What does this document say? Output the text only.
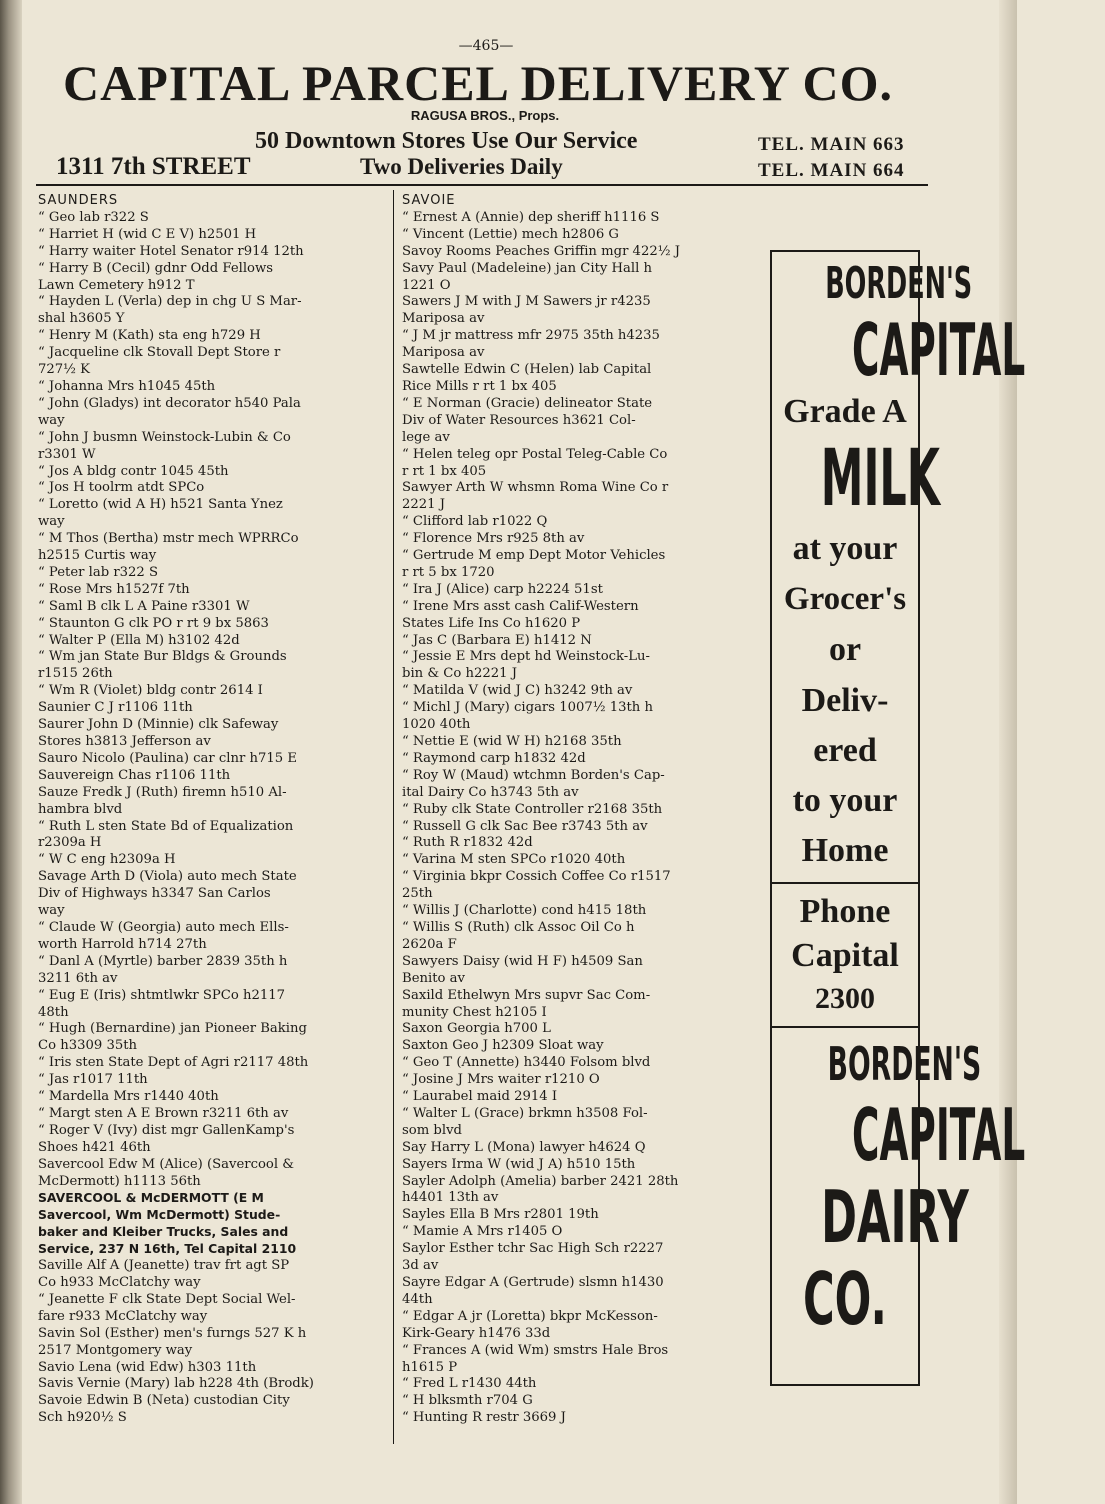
—465—
CAPITAL PARCEL DELIVERY CO.
RAGUSA BROS., Props.
50 Downtown Stores Use Our Service
1311 7th STREET	Two Deliveries Daily
TEL. MAIN 663
TEL. MAIN 664
SAUNDERS
“ Geo lab r322 S
“ Harriet H (wid C E V) h2501 H
“ Harry waiter Hotel Senator r914 12th
“ Harry B (Cecil) gdnr Odd Fellows
Lawn Cemetery h912 T
“ Hayden L (Verla) dep in chg U S Mar-
shal h3605 Y
“ Henry M (Kath) sta eng h729 H
“ Jacqueline clk Stovall Dept Store r
727½ K
“ Johanna Mrs h1045 45th
“ John (Gladys) int decorator h540 Pala
way
“ John J busmn Weinstock-Lubin & Co
r3301 W
“ Jos A bldg contr 1045 45th
“ Jos H toolrm atdt SPCo
“ Loretto (wid A H) h521 Santa Ynez
way
“ M Thos (Bertha) mstr mech WPRRCo
h2515 Curtis way
“ Peter lab r322 S
“ Rose Mrs h1527f 7th
“ Saml B clk L A Paine r3301 W
“ Staunton G clk PO r rt 9 bx 5863
“ Walter P (Ella M) h3102 42d
“ Wm jan State Bur Bldgs & Grounds
r1515 26th
“ Wm R (Violet) bldg contr 2614 I
Saunier C J r1106 11th
Saurer John D (Minnie) clk Safeway
Stores h3813 Jefferson av
Sauro Nicolo (Paulina) car clnr h715 E
Sauvereign Chas r1106 11th
Sauze Fredk J (Ruth) firemn h510 Al-
hambra blvd
“ Ruth L sten State Bd of Equalization
r2309a H
“ W C eng h2309a H
Savage Arth D (Viola) auto mech State
Div of Highways h3347 San Carlos
way
“ Claude W (Georgia) auto mech Ells-
worth Harrold h714 27th
“ Danl A (Myrtle) barber 2839 35th h
3211 6th av
“ Eug E (Iris) shtmtlwkr SPCo h2117
48th
“ Hugh (Bernardine) jan Pioneer Baking
Co h3309 35th
“ Iris sten State Dept of Agri r2117 48th
“ Jas r1017 11th
“ Mardella Mrs r1440 40th
“ Margt sten A E Brown r3211 6th av
“ Roger V (Ivy) dist mgr GallenKamp's
Shoes h421 46th
Savercool Edw M (Alice) (Savercool &
McDermott) h1113 56th
SAVERCOOL & McDERMOTT (E M
Savercool, Wm McDermott) Stude-
baker and Kleiber Trucks, Sales and
Service, 237 N 16th, Tel Capital 2110
Saville Alf A (Jeanette) trav frt agt SP
Co h933 McClatchy way
“ Jeanette F clk State Dept Social Wel-
fare r933 McClatchy way
Savin Sol (Esther) men's furngs 527 K h
2517 Montgomery way
Savio Lena (wid Edw) h303 11th
Savis Vernie (Mary) lab h228 4th (Brodk)
Savoie Edwin B (Neta) custodian City
Sch h920½ S
SAVOIE
“ Ernest A (Annie) dep sheriff h1116 S
“ Vincent (Lettie) mech h2806 G
Savoy Rooms Peaches Griffin mgr 422½ J
Savy Paul (Madeleine) jan City Hall h
1221 O
Sawers J M with J M Sawers jr r4235
Mariposa av
“ J M jr mattress mfr 2975 35th h4235
Mariposa av
Sawtelle Edwin C (Helen) lab Capital
Rice Mills r rt 1 bx 405
“ E Norman (Gracie) delineator State
Div of Water Resources h3621 Col-
lege av
“ Helen teleg opr Postal Teleg-Cable Co
r rt 1 bx 405
Sawyer Arth W whsmn Roma Wine Co r
2221 J
“ Clifford lab r1022 Q
“ Florence Mrs r925 8th av
“ Gertrude M emp Dept Motor Vehicles
r rt 5 bx 1720
“ Ira J (Alice) carp h2224 51st
“ Irene Mrs asst cash Calif-Western
States Life Ins Co h1620 P
“ Jas C (Barbara E) h1412 N
“ Jessie E Mrs dept hd Weinstock-Lu-
bin & Co h2221 J
“ Matilda V (wid J C) h3242 9th av
“ Michl J (Mary) cigars 1007½ 13th h
1020 40th
“ Nettie E (wid W H) h2168 35th
“ Raymond carp h1832 42d
“ Roy W (Maud) wtchmn Borden's Cap-
ital Dairy Co h3743 5th av
“ Ruby clk State Controller r2168 35th
“ Russell G clk Sac Bee r3743 5th av
“ Ruth R r1832 42d
“ Varina M sten SPCo r1020 40th
“ Virginia bkpr Cossich Coffee Co r1517
25th
“ Willis J (Charlotte) cond h415 18th
“ Willis S (Ruth) clk Assoc Oil Co h
2620a F
Sawyers Daisy (wid H F) h4509 San
Benito av
Saxild Ethelwyn Mrs supvr Sac Com-
munity Chest h2105 I
Saxon Georgia h700 L
Saxton Geo J h2309 Sloat way
“ Geo T (Annette) h3440 Folsom blvd
“ Josine J Mrs waiter r1210 O
“ Laurabel maid 2914 I
“ Walter L (Grace) brkmn h3508 Fol-
som blvd
Say Harry L (Mona) lawyer h4624 Q
Sayers Irma W (wid J A) h510 15th
Sayler Adolph (Amelia) barber 2421 28th
h4401 13th av
Sayles Ella B Mrs r2801 19th
“ Mamie A Mrs r1405 O
Saylor Esther tchr Sac High Sch r2227
3d av
Sayre Edgar A (Gertrude) slsmn h1430
44th
“ Edgar A jr (Loretta) bkpr McKesson-
Kirk-Geary h1476 33d
“ Frances A (wid Wm) smstrs Hale Bros
h1615 P
“ Fred L r1430 44th
“ H blksmth r704 G
“ Hunting R restr 3669 J
BORDEN'S
CAPITAL
Grade A
MILK
at your
Grocer's
or
Deliv-
ered
to your
Home
Phone
Capital
2300
BORDEN'S
CAPITAL
DAIRY
CO.
